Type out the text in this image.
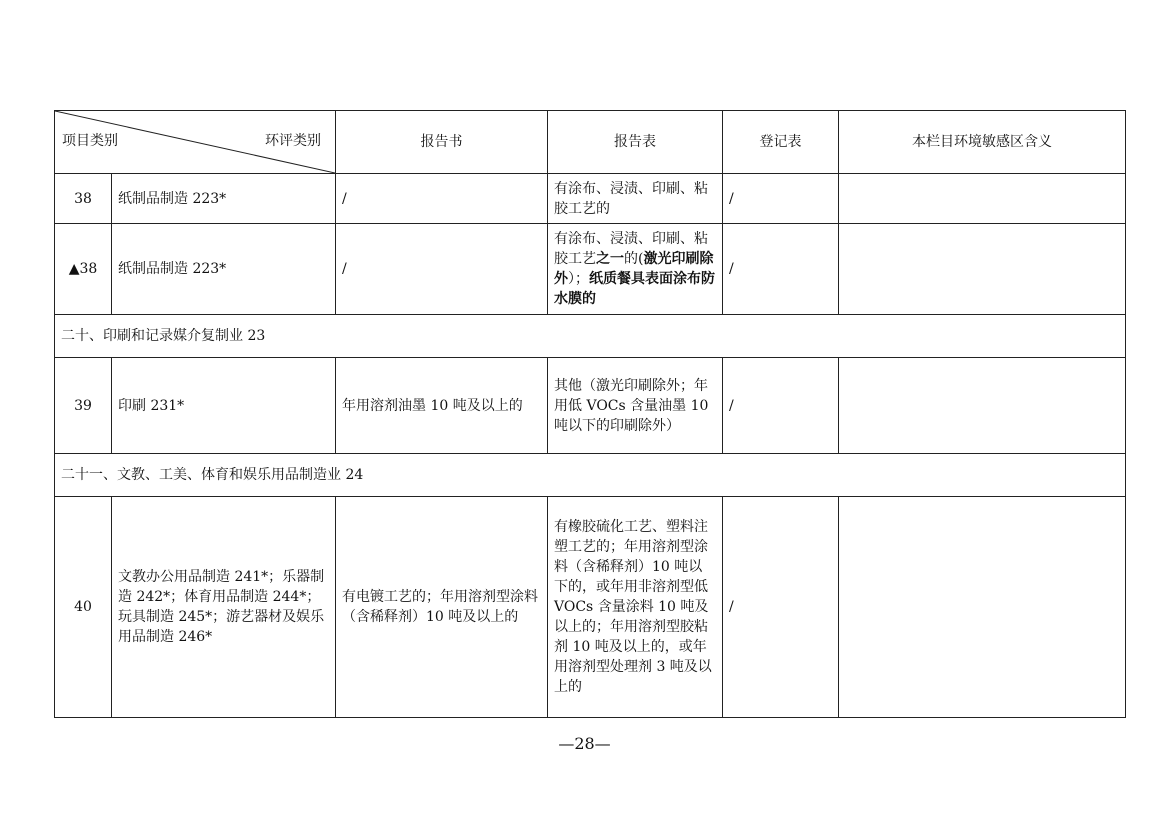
项目类别 环评类别		报告书	报告表	登记表	本栏目环境敏感区含义
38	纸制品制造 223*	/	有涂布、浸渍、印刷、粘胶工艺的	/	
▲38	纸制品制造 223*	/	有涂布、浸渍、印刷、粘胶工艺之一的(激光印刷除外）；纸质餐具表面涂布防水膜的	/	
二十、印刷和记录媒介复制业 23					
39	印刷 231*	年用溶剂油墨 10 吨及以上的	其他（激光印刷除外；年用低 VOCs 含量油墨 10 吨以下的印刷除外）	/	
二十一、文教、工美、体育和娱乐用品制造业 24					
40	文教办公用品制造 241*；乐器制造 242*；体育用品制造 244*；玩具制造 245*；游艺器材及娱乐用品制造 246*	有电镀工艺的；年用溶剂型涂料（含稀释剂）10 吨及以上的	有橡胶硫化工艺、塑料注塑工艺的；年用溶剂型涂料（含稀释剂）10 吨以下的，或年用非溶剂型低 VOCs 含量涂料 10 吨及以上的；年用溶剂型胶粘剂 10 吨及以上的，或年用溶剂型处理剂 3 吨及以上的	/	
—28—
